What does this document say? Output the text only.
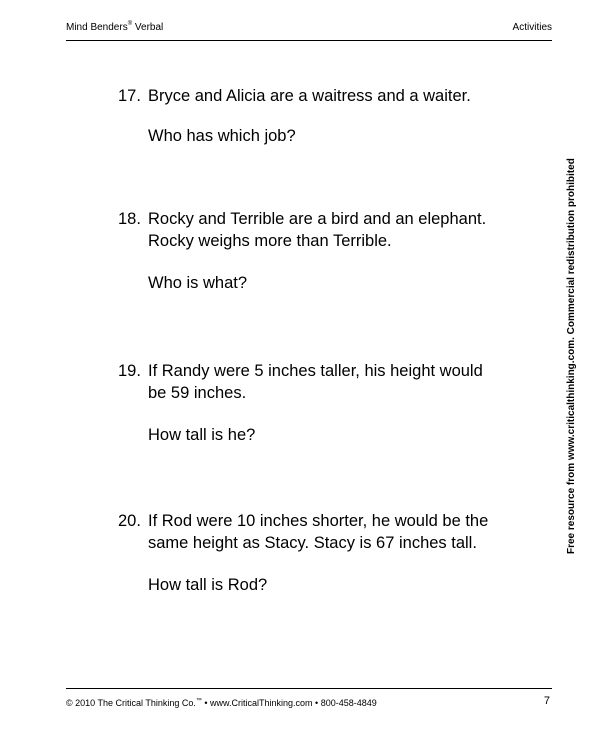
Mind Benders® Verbal	Activities
17. Bryce and Alicia are a waitress and a waiter.
Who has which job?
18. Rocky and Terrible are a bird and an elephant.
Rocky weighs more than Terrible.
Who is what?
19. If Randy were 5 inches taller, his height would
be 59 inches.
How tall is he?
20. If Rod were 10 inches shorter, he would be the
same height as Stacy. Stacy is 67 inches tall.
How tall is Rod?
Free resource from www.criticalthinking.com. Commercial redistribution prohibited
© 2010 The Critical Thinking Co.™ • www.CriticalThinking.com • 800-458-4849	7
